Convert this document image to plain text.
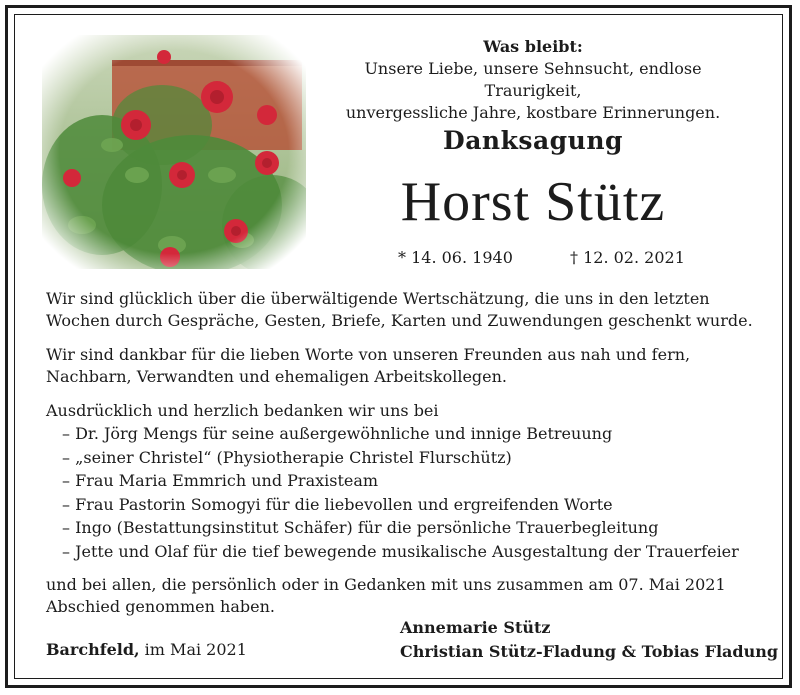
Was bleibt:
Unsere Liebe, unsere Sehnsucht, endlose Traurigkeit,
unvergessliche Jahre, kostbare Erinnerungen.
Danksagung
Horst Stütz
* 14. 06. 1940	† 12. 02. 2021
Wir sind glücklich über die überwältigende Wertschätzung, die uns in den letzten Wochen durch Gespräche, Gesten, Briefe, Karten und Zuwendungen geschenkt wurde.
Wir sind dankbar für die lieben Worte von unseren Freunden aus nah und fern, Nachbarn, Verwandten und ehemaligen Arbeitskollegen.
Ausdrücklich und herzlich bedanken wir uns bei
– Dr. Jörg Mengs für seine außergewöhnliche und innige Betreuung
– „seiner Christel“ (Physiotherapie Christel Flurschütz)
– Frau Maria Emmrich und Praxisteam
– Frau Pastorin Somogyi für die liebevollen und ergreifenden Worte
– Ingo (Bestattungsinstitut Schäfer) für die persönliche Trauerbegleitung
– Jette und Olaf für die tief bewegende musikalische Ausgestaltung der Trauerfeier
und bei allen, die persönlich oder in Gedanken mit uns zusammen am 07. Mai 2021 Abschied genommen haben.
Barchfeld, im Mai 2021
Annemarie Stütz
Christian Stütz-Fladung & Tobias Fladung
